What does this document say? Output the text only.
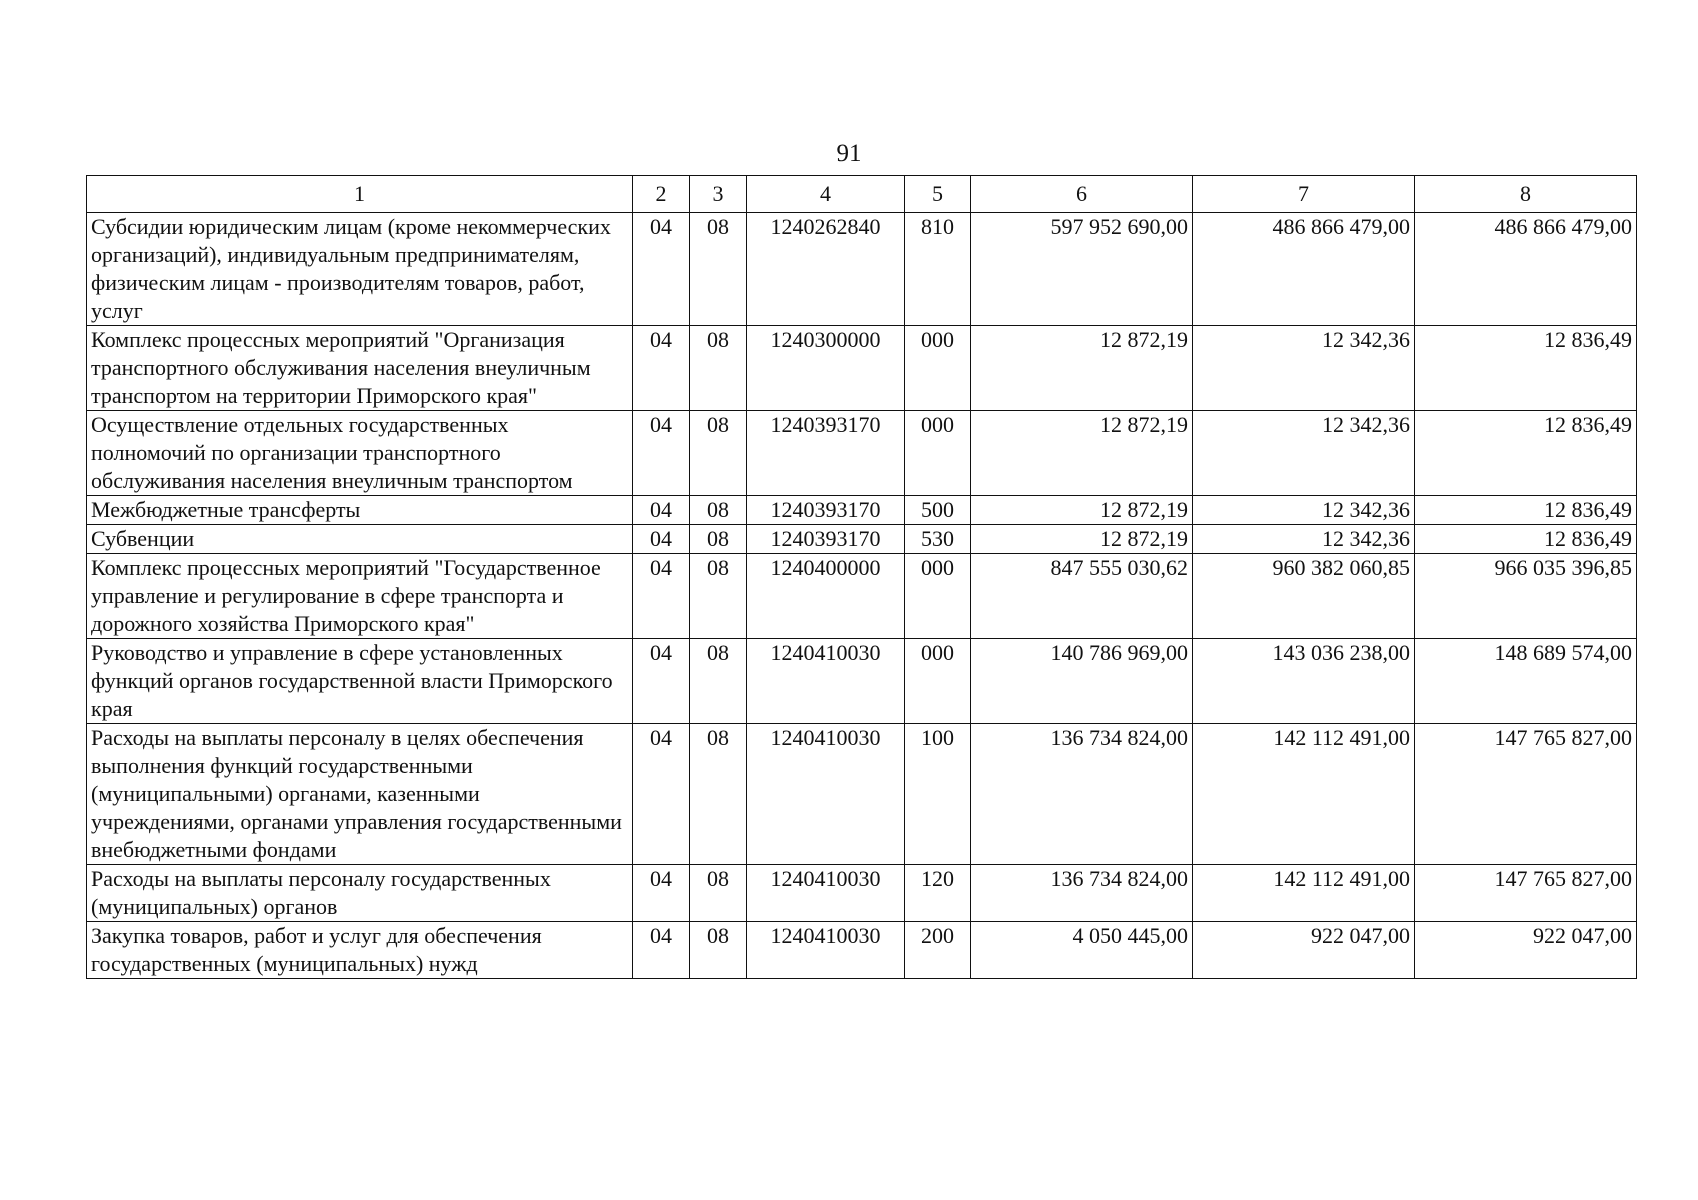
91
1	2	3	4	5	6	7	8
Субсидии юридическим лицам (кроме некоммерческих организаций), индивидуальным предпринимателям, физическим лицам - производителям товаров, работ, услуг	04	08	1240262840	810	597 952 690,00	486 866 479,00	486 866 479,00
Комплекс процессных мероприятий "Организация транспортного обслуживания населения внеуличным транспортом на территории Приморского края"	04	08	1240300000	000	12 872,19	12 342,36	12 836,49
Осуществление отдельных государственных полномочий по организации транспортного обслуживания населения внеуличным транспортом	04	08	1240393170	000	12 872,19	12 342,36	12 836,49
Межбюджетные трансферты	04	08	1240393170	500	12 872,19	12 342,36	12 836,49
Субвенции	04	08	1240393170	530	12 872,19	12 342,36	12 836,49
Комплекс процессных мероприятий "Государственное управление и регулирование в сфере транспорта и дорожного хозяйства Приморского края"	04	08	1240400000	000	847 555 030,62	960 382 060,85	966 035 396,85
Руководство и управление в сфере установленных функций органов государственной власти Приморского края	04	08	1240410030	000	140 786 969,00	143 036 238,00	148 689 574,00
Расходы на выплаты персоналу в целях обеспечения выполнения функций государственными (муниципальными) органами, казенными учреждениями, органами управления государственными внебюджетными фондами	04	08	1240410030	100	136 734 824,00	142 112 491,00	147 765 827,00
Расходы на выплаты персоналу государственных (муниципальных) органов	04	08	1240410030	120	136 734 824,00	142 112 491,00	147 765 827,00
Закупка товаров, работ и услуг для обеспечения государственных (муниципальных) нужд	04	08	1240410030	200	4 050 445,00	922 047,00	922 047,00
